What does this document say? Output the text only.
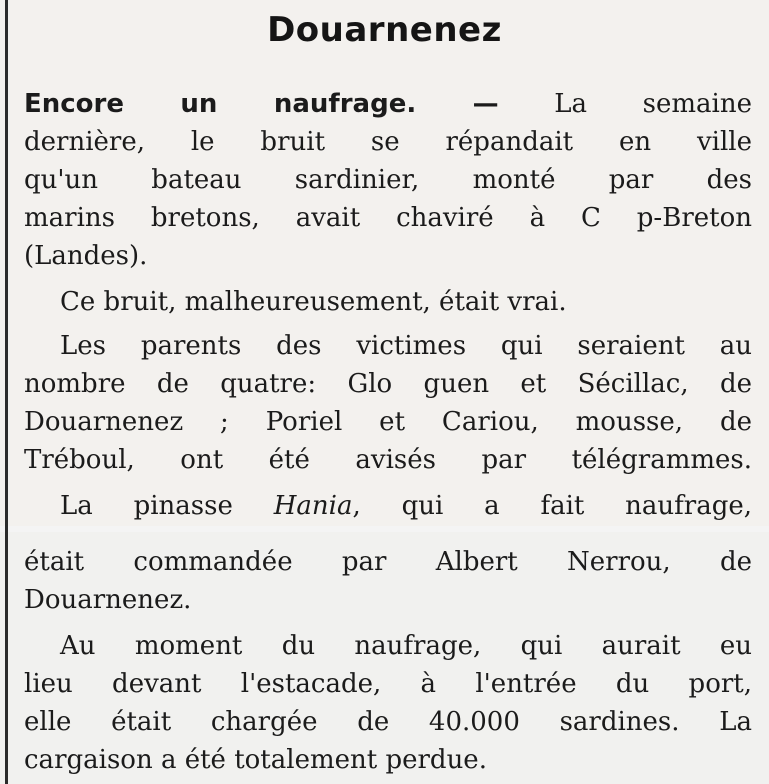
Douarnenez
Encore un naufrage. — La semaine
dernière, le bruit se répandait en ville
qu'un bateau sardinier, monté par des
marins bretons, avait chaviré à C p-Breton
(Landes).
Ce bruit, malheureusement, était vrai.
Les parents des victimes qui seraient au
nombre de quatre: Glo guen et Sécillac, de
Douarnenez ; Poriel et Cariou, mousse, de
Tréboul, ont été avisés par télégrammes.
La pinasse Hania, qui a fait naufrage,
était commandée par Albert Nerrou, de
Douarnenez.
Au moment du naufrage, qui aurait eu
lieu devant l'estacade, à l'entrée du port,
elle était chargée de 40.000 sardines. La
cargaison a été totalement perdue.
